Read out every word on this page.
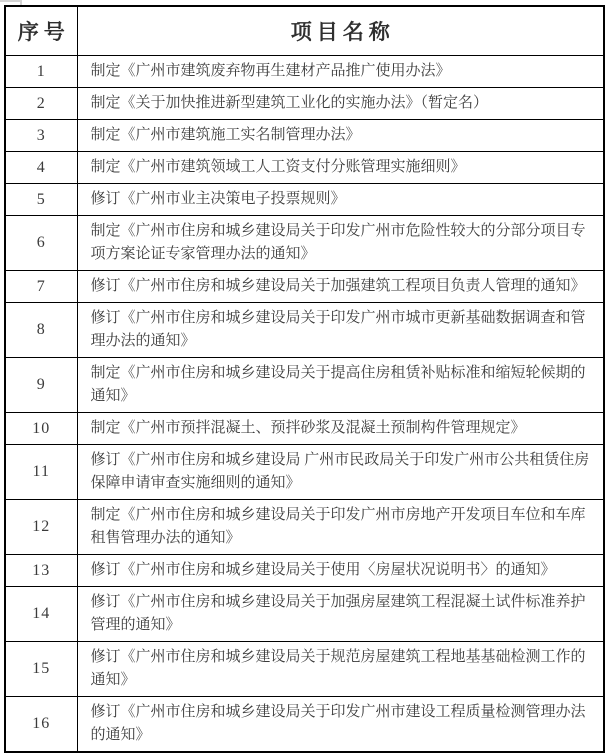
序号	项目名称
1	制定《广州市建筑废弃物再生建材产品推广使用办法》
2	制定《关于加快推进新型建筑工业化的实施办法》（暂定名）
3	制定《广州市建筑施工实名制管理办法》
4	制定《广州市建筑领域工人工资支付分账管理实施细则》
5	修订《广州市业主决策电子投票规则》
6	制定《广州市住房和城乡建设局关于印发广州市危险性较大的分部分项目专项方案论证专家管理办法的通知》
7	修订《广州市住房和城乡建设局关于加强建筑工程项目负责人管理的通知》
8	修订《广州市住房和城乡建设局关于印发广州市城市更新基础数据调查和管理办法的通知》
9	制定《广州市住房和城乡建设局关于提高住房租赁补贴标准和缩短轮候期的通知》
10	制定《广州市预拌混凝土、预拌砂浆及混凝土预制构件管理规定》
11	修订《广州市住房和城乡建设局 广州市民政局关于印发广州市公共租赁住房保障申请审查实施细则的通知》
12	制定《广州市住房和城乡建设局关于印发广州市房地产开发项目车位和车库租售管理办法的通知》
13	修订《广州市住房和城乡建设局关于使用〈房屋状况说明书〉的通知》
14	修订《广州市住房和城乡建设局关于加强房屋建筑工程混凝土试件标准养护管理的通知》
15	修订《广州市住房和城乡建设局关于规范房屋建筑工程地基基础检测工作的通知》
16	修订《广州市住房和城乡建设局关于印发广州市建设工程质量检测管理办法的通知》
